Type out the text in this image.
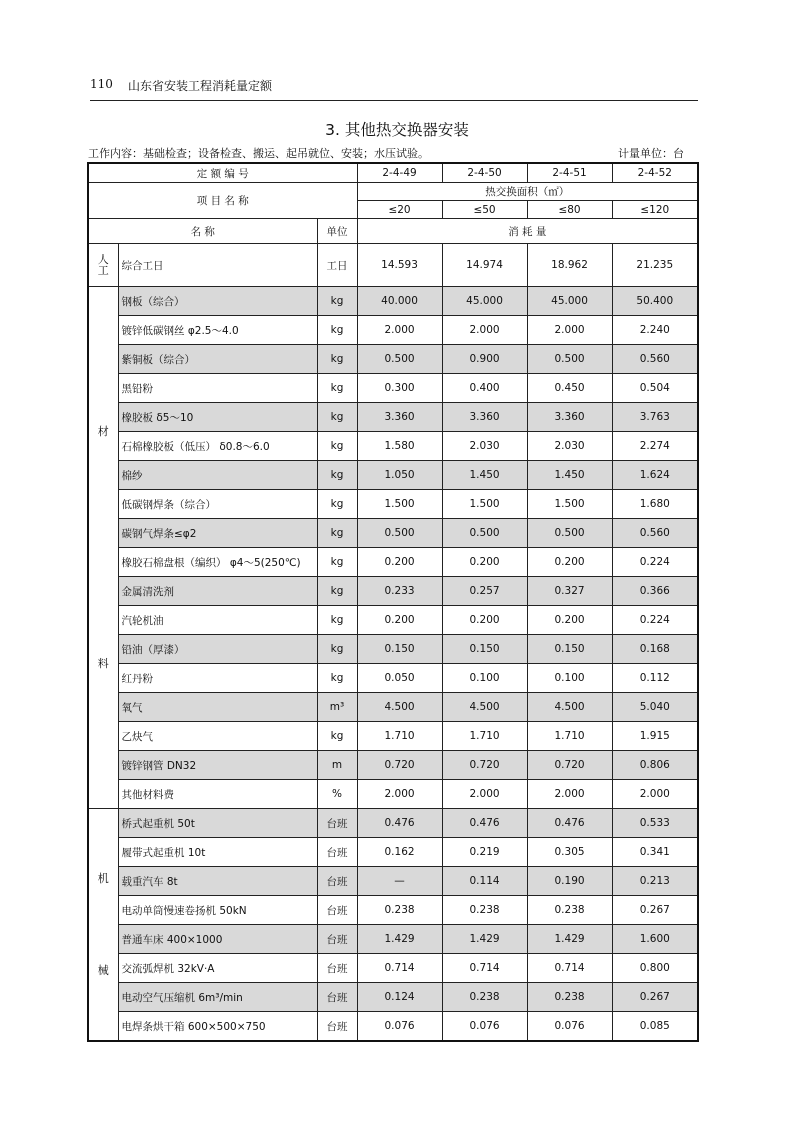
110 山东省安装工程消耗量定额
3. 其他热交换器安装
工作内容：基础检查；设备检查、搬运、起吊就位、安装；水压试验。	计量单位：台
定 额 编 号			2-4-49	2-4-50	2-4-51	2-4-52
项 目 名 称			热交换面积（㎡）			
			≤20	≤50	≤80	≤120
名 称		单位	消 耗 量			

人
工	综合工日	工日	14.593	14.974	18.962	21.235

材
料	钢板（综合）	kg	40.000	45.000	45.000	50.400
	镀锌低碳钢丝 φ2.5～4.0	kg	2.000	2.000	2.000	2.240
	紫铜板（综合）	kg	0.500	0.900	0.500	0.560
	黑铅粉	kg	0.300	0.400	0.450	0.504
	橡胶板 δ5～10	kg	3.360	3.360	3.360	3.763
	石棉橡胶板（低压） δ0.8～6.0	kg	1.580	2.030	2.030	2.274
	棉纱	kg	1.050	1.450	1.450	1.624
	低碳钢焊条（综合）	kg	1.500	1.500	1.500	1.680
	碳钢气焊条≤φ2	kg	0.500	0.500	0.500	0.560
	橡胶石棉盘根（编织） φ4～5(250℃)	kg	0.200	0.200	0.200	0.224
	金属清洗剂	kg	0.233	0.257	0.327	0.366
	汽轮机油	kg	0.200	0.200	0.200	0.224
	铅油（厚漆）	kg	0.150	0.150	0.150	0.168
	红丹粉	kg	0.050	0.100	0.100	0.112
	氧气	m³	4.500	4.500	4.500	5.040
	乙炔气	kg	1.710	1.710	1.710	1.915
	镀锌钢管 DN32	m	0.720	0.720	0.720	0.806
	其他材料费	%	2.000	2.000	2.000	2.000

机
械	桥式起重机 50t	台班	0.476	0.476	0.476	0.533
	履带式起重机 10t	台班	0.162	0.219	0.305	0.341
	载重汽车 8t	台班	—	0.114	0.190	0.213
	电动单筒慢速卷扬机 50kN	台班	0.238	0.238	0.238	0.267
	普通车床 400×1000	台班	1.429	1.429	1.429	1.600
	交流弧焊机 32kV·A	台班	0.714	0.714	0.714	0.800
	电动空气压缩机 6m³/min	台班	0.124	0.238	0.238	0.267
	电焊条烘干箱 600×500×750	台班	0.076	0.076	0.076	0.085
